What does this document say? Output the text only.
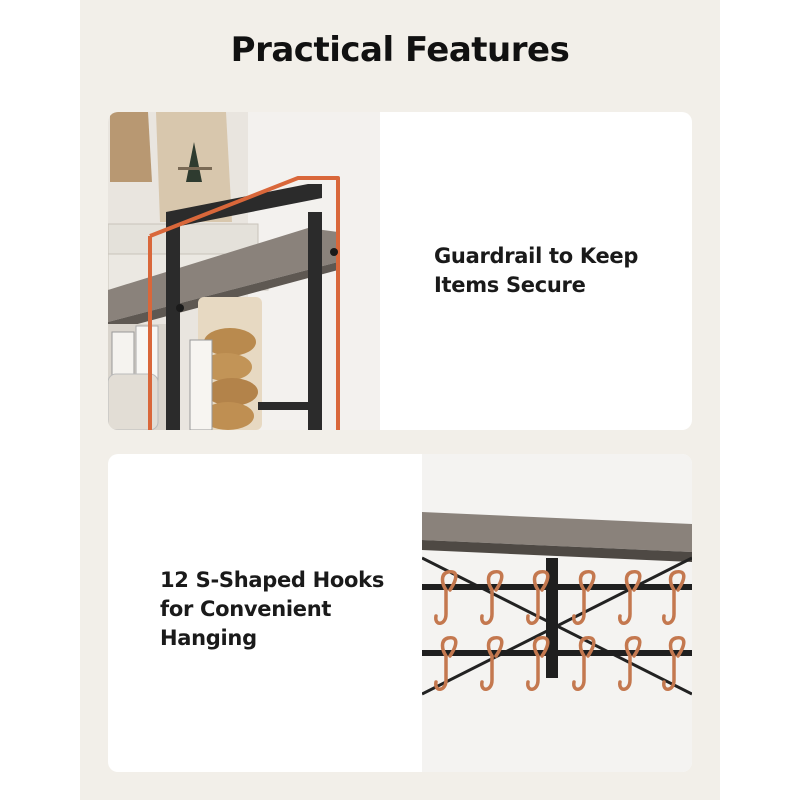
Practical Features
Guardrail to Keep
Items Secure
12 S-Shaped Hooks
for Convenient
Hanging
